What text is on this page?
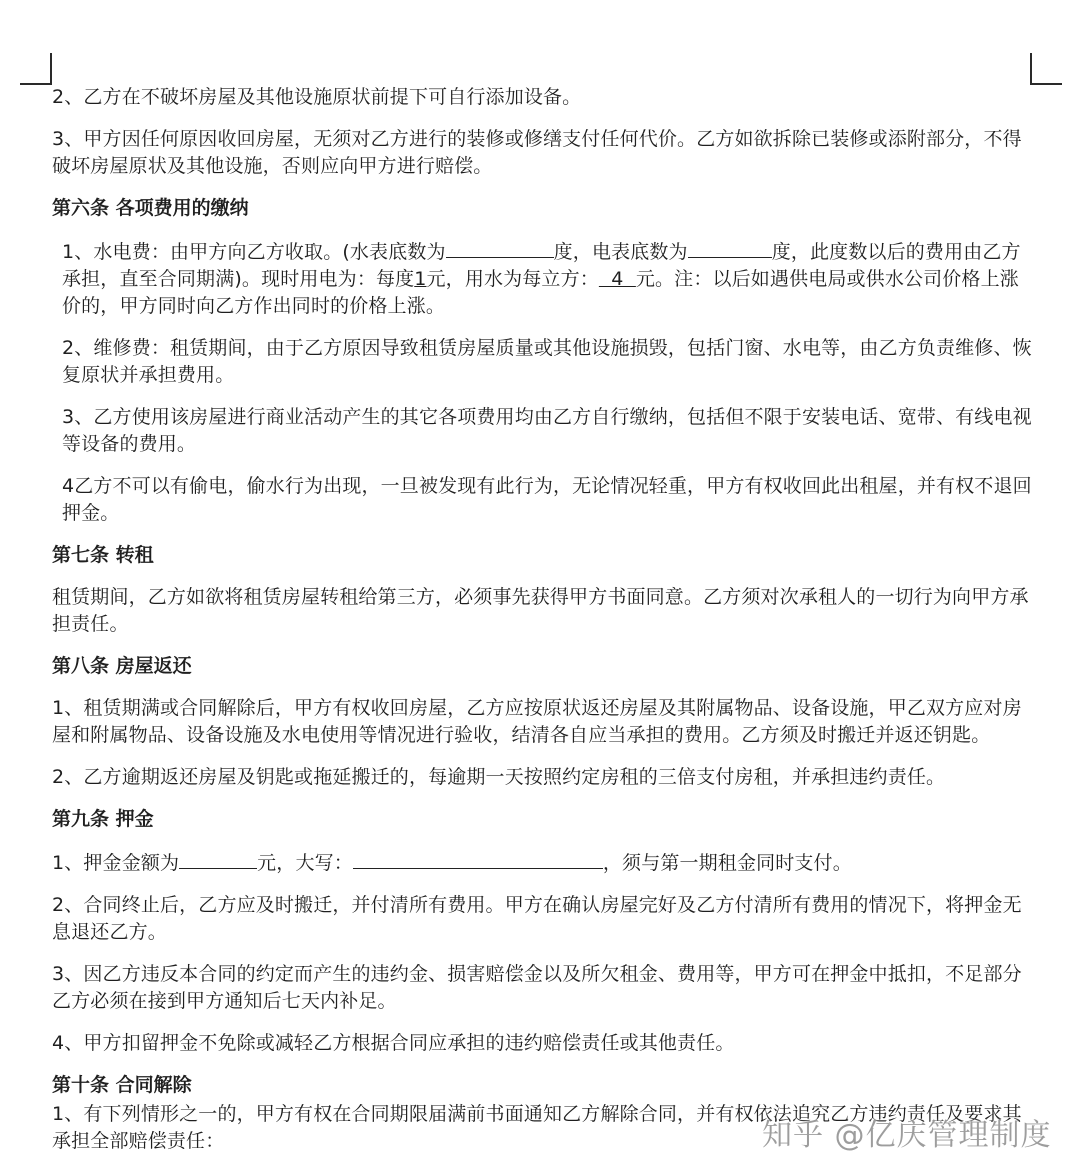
2、乙方在不破坏房屋及其他设施原状前提下可自行添加设备。

3、甲方因任何原因收回房屋，无须对乙方进行的装修或修缮支付任何代价。乙方如欲拆除已装修或添附部分，不得破坏房屋原状及其他设施，否则应向甲方进行赔偿。

第六条 各项费用的缴纳

1、水电费：由甲方向乙方收取。(水表底数为	度，电表底数为	度，此度数以后的费用由乙方承担，直至合同期满)。现时用电为：每度1元，用水为每立方：  4  元。注：以后如遇供电局或供水公司价格上涨价的，甲方同时向乙方作出同时的价格上涨。

2、维修费：租赁期间，由于乙方原因导致租赁房屋质量或其他设施损毁，包括门窗、水电等，由乙方负责维修、恢复原状并承担费用。

3、乙方使用该房屋进行商业活动产生的其它各项费用均由乙方自行缴纳，包括但不限于安装电话、宽带、有线电视等设备的费用。

4乙方不可以有偷电，偷水行为出现，一旦被发现有此行为，无论情况轻重，甲方有权收回此出租屋，并有权不退回押金。

第七条 转租

租赁期间，乙方如欲将租赁房屋转租给第三方，必须事先获得甲方书面同意。乙方须对次承租人的一切行为向甲方承担责任。

第八条 房屋返还

1、租赁期满或合同解除后，甲方有权收回房屋，乙方应按原状返还房屋及其附属物品、设备设施，甲乙双方应对房屋和附属物品、设备设施及水电使用等情况进行验收，结清各自应当承担的费用。乙方须及时搬迁并返还钥匙。

2、乙方逾期返还房屋及钥匙或拖延搬迁的，每逾期一天按照约定房租的三倍支付房租，并承担违约责任。

第九条 押金

1、押金金额为	元，大写：	，须与第一期租金同时支付。

2、合同终止后，乙方应及时搬迁，并付清所有费用。甲方在确认房屋完好及乙方付清所有费用的情况下，将押金无息退还乙方。

3、因乙方违反本合同的约定而产生的违约金、损害赔偿金以及所欠租金、费用等，甲方可在押金中抵扣，不足部分乙方必须在接到甲方通知后七天内补足。

4、甲方扣留押金不免除或减轻乙方根据合同应承担的违约赔偿责任或其他责任。

第十条 合同解除

1、有下列情形之一的，甲方有权在合同期限届满前书面通知乙方解除合同，并有权依法追究乙方违约责任及要求其承担全部赔偿责任：	知乎 @亿庆管理制度
